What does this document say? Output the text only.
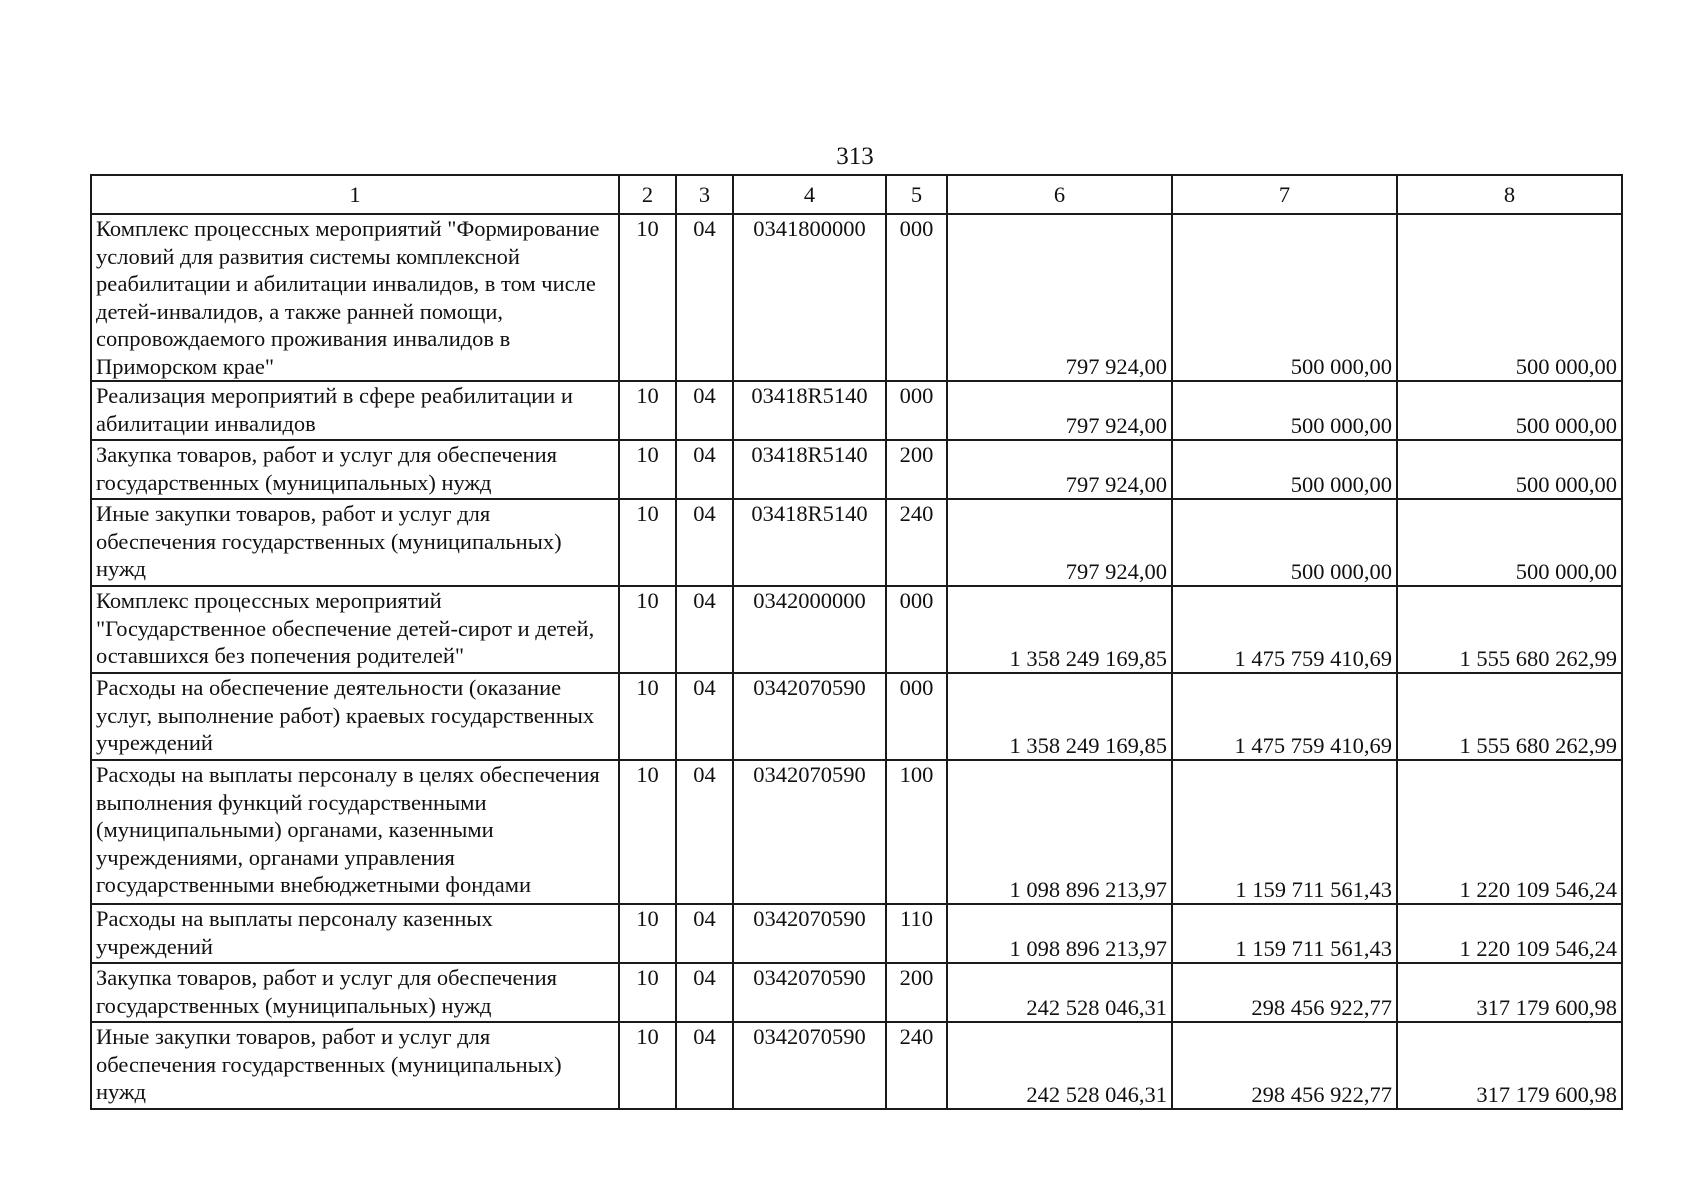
313
1	2	3	4	5	6	7	8
Комплекс процессных мероприятий "Формирование условий для развития системы комплексной реабилитации и абилитации инвалидов, в том числе детей-инвалидов, а также ранней помощи, сопровождаемого проживания инвалидов в Приморском крае"	10	04	0341800000	000	797 924,00	500 000,00	500 000,00
Реализация мероприятий в сфере реабилитации и абилитации инвалидов	10	04	03418R5140	000	797 924,00	500 000,00	500 000,00
Закупка товаров, работ и услуг для обеспечения государственных (муниципальных) нужд	10	04	03418R5140	200	797 924,00	500 000,00	500 000,00
Иные закупки товаров, работ и услуг для обеспечения государственных (муниципальных) нужд	10	04	03418R5140	240	797 924,00	500 000,00	500 000,00
Комплекс процессных мероприятий "Государственное обеспечение детей-сирот и детей, оставшихся без попечения родителей"	10	04	0342000000	000	1 358 249 169,85	1 475 759 410,69	1 555 680 262,99
Расходы на обеспечение деятельности (оказание услуг, выполнение работ) краевых государственных учреждений	10	04	0342070590	000	1 358 249 169,85	1 475 759 410,69	1 555 680 262,99
Расходы на выплаты персоналу в целях обеспечения выполнения функций государственными (муниципальными) органами, казенными учреждениями, органами управления государственными внебюджетными фондами	10	04	0342070590	100	1 098 896 213,97	1 159 711 561,43	1 220 109 546,24
Расходы на выплаты персоналу казенных учреждений	10	04	0342070590	110	1 098 896 213,97	1 159 711 561,43	1 220 109 546,24
Закупка товаров, работ и услуг для обеспечения государственных (муниципальных) нужд	10	04	0342070590	200	242 528 046,31	298 456 922,77	317 179 600,98
Иные закупки товаров, работ и услуг для обеспечения государственных (муниципальных) нужд	10	04	0342070590	240	242 528 046,31	298 456 922,77	317 179 600,98
